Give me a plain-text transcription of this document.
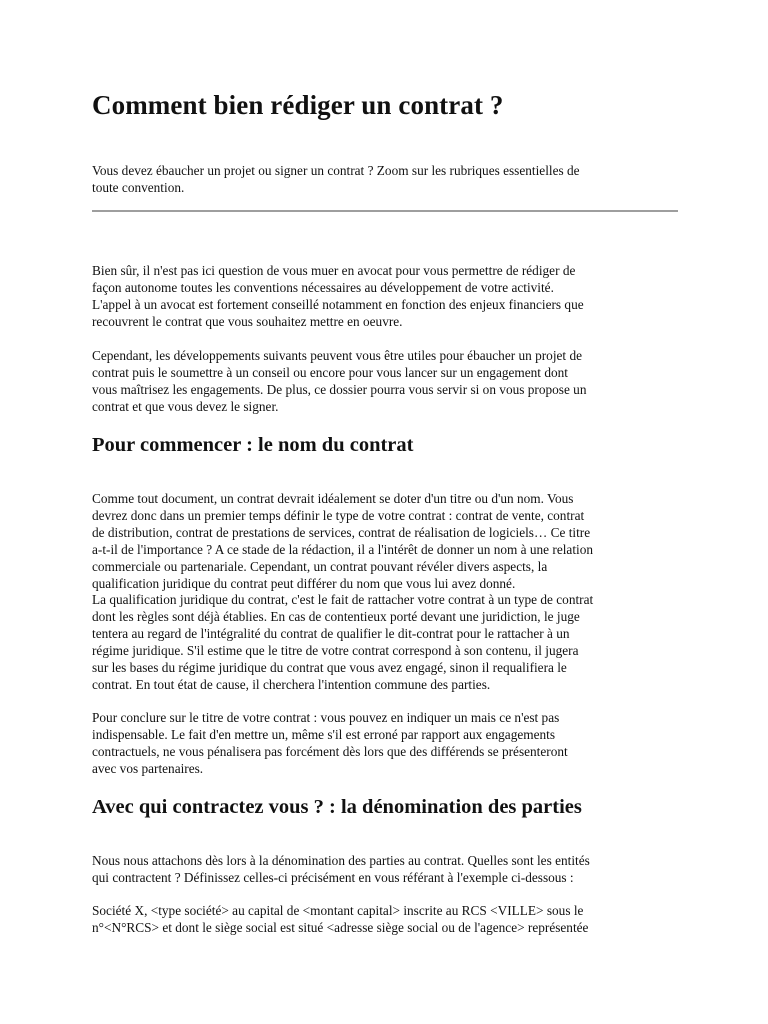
Comment bien rédiger un contrat ?

Vous devez ébaucher un projet ou signer un contrat ? Zoom sur les rubriques essentielles de
toute convention.

Bien sûr, il n'est pas ici question de vous muer en avocat pour vous permettre de rédiger de
façon autonome toutes les conventions nécessaires au développement de votre activité.
L'appel à un avocat est fortement conseillé notamment en fonction des enjeux financiers que
recouvrent le contrat que vous souhaitez mettre en oeuvre.

Cependant, les développements suivants peuvent vous être utiles pour ébaucher un projet de
contrat puis le soumettre à un conseil ou encore pour vous lancer sur un engagement dont
vous maîtrisez les engagements. De plus, ce dossier pourra vous servir si on vous propose un
contrat et que vous devez le signer.

Pour commencer : le nom du contrat

Comme tout document, un contrat devrait idéalement se doter d'un titre ou d'un nom. Vous
devrez donc dans un premier temps définir le type de votre contrat : contrat de vente, contrat
de distribution, contrat de prestations de services, contrat de réalisation de logiciels… Ce titre
a-t-il de l'importance ? A ce stade de la rédaction, il a l'intérêt de donner un nom à une relation
commerciale ou partenariale. Cependant, un contrat pouvant révéler divers aspects, la
qualification juridique du contrat peut différer du nom que vous lui avez donné.
La qualification juridique du contrat, c'est le fait de rattacher votre contrat à un type de contrat
dont les règles sont déjà établies. En cas de contentieux porté devant une juridiction, le juge
tentera au regard de l'intégralité du contrat de qualifier le dit-contrat pour le rattacher à un
régime juridique. S'il estime que le titre de votre contrat correspond à son contenu, il jugera
sur les bases du régime juridique du contrat que vous avez engagé, sinon il requalifiera le
contrat. En tout état de cause, il cherchera l'intention commune des parties.

Pour conclure sur le titre de votre contrat : vous pouvez en indiquer un mais ce n'est pas
indispensable. Le fait d'en mettre un, même s'il est erroné par rapport aux engagements
contractuels, ne vous pénalisera pas forcément dès lors que des différends se présenteront
avec vos partenaires.

Avec qui contractez vous ? : la dénomination des parties

Nous nous attachons dès lors à la dénomination des parties au contrat. Quelles sont les entités
qui contractent ? Définissez celles-ci précisément en vous référant à l'exemple ci-dessous :

Société X, <type société> au capital de <montant capital> inscrite au RCS <VILLE> sous le
n°<N°RCS> et dont le siège social est situé <adresse siège social ou de l'agence> représentée
